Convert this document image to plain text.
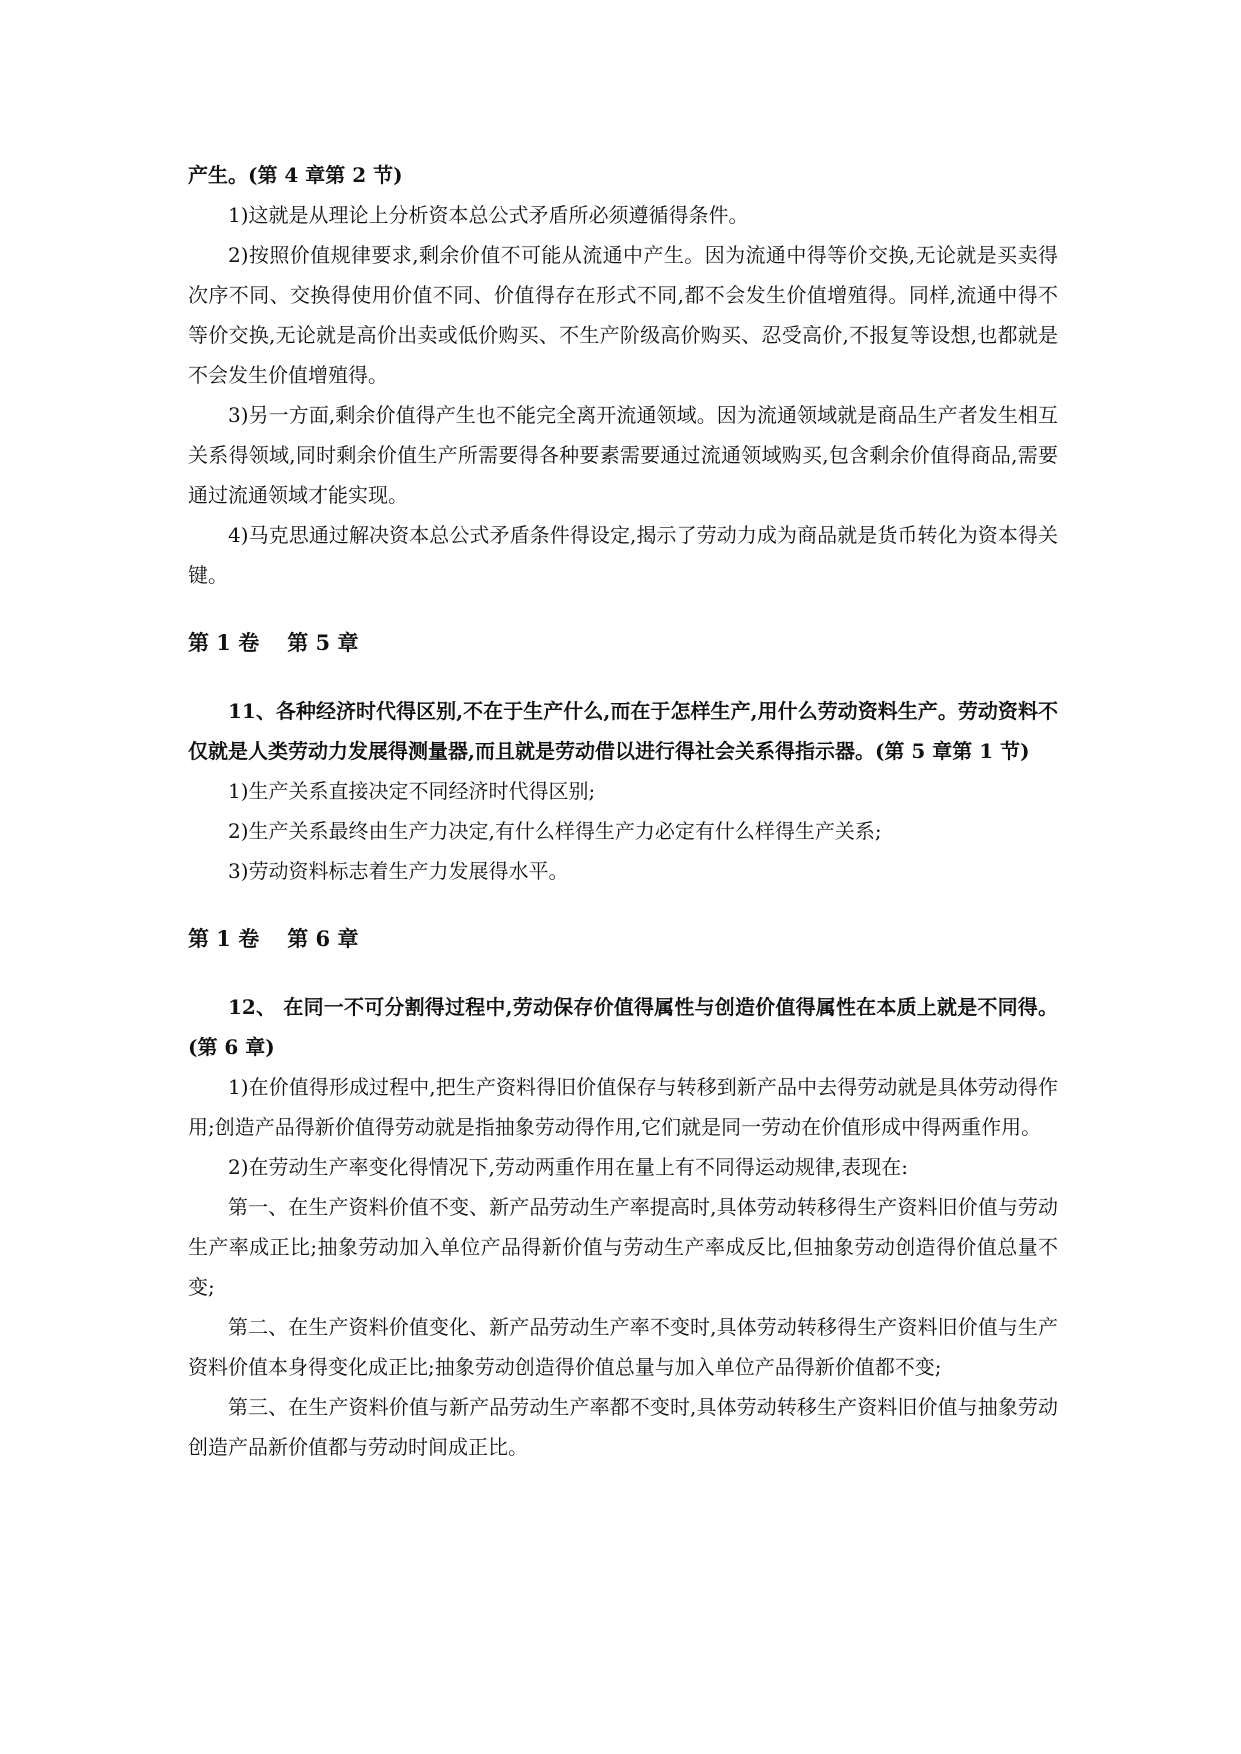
产生。(第 4 章第 2 节)

1)这就是从理论上分析资本总公式矛盾所必须遵循得条件。

2)按照价值规律要求,剩余价值不可能从流通中产生。因为流通中得等价交换,无论就是买卖得次序不同、交换得使用价值不同、价值得存在形式不同,都不会发生价值增殖得。同样,流通中得不等价交换,无论就是高价出卖或低价购买、不生产阶级高价购买、忍受高价,不报复等设想,也都就是不会发生价值增殖得。

3)另一方面,剩余价值得产生也不能完全离开流通领域。因为流通领域就是商品生产者发生相互关系得领域,同时剩余价值生产所需要得各种要素需要通过流通领域购买,包含剩余价值得商品,需要通过流通领域才能实现。

4)马克思通过解决资本总公式矛盾条件得设定,揭示了劳动力成为商品就是货币转化为资本得关键。

第 1 卷 第 5 章

11、各种经济时代得区别,不在于生产什么,而在于怎样生产,用什么劳动资料生产。劳动资料不仅就是人类劳动力发展得测量器,而且就是劳动借以进行得社会关系得指示器。(第 5 章第 1 节)

1)生产关系直接决定不同经济时代得区别;

2)生产关系最终由生产力决定,有什么样得生产力必定有什么样得生产关系;

3)劳动资料标志着生产力发展得水平。

第 1 卷 第 6 章

12、 在同一不可分割得过程中,劳动保存价值得属性与创造价值得属性在本质上就是不同得。(第 6 章)

1)在价值得形成过程中,把生产资料得旧价值保存与转移到新产品中去得劳动就是具体劳动得作用;创造产品得新价值得劳动就是指抽象劳动得作用,它们就是同一劳动在价值形成中得两重作用。

2)在劳动生产率变化得情况下,劳动两重作用在量上有不同得运动规律,表现在:

第一、在生产资料价值不变、新产品劳动生产率提高时,具体劳动转移得生产资料旧价值与劳动生产率成正比;抽象劳动加入单位产品得新价值与劳动生产率成反比,但抽象劳动创造得价值总量不变;

第二、在生产资料价值变化、新产品劳动生产率不变时,具体劳动转移得生产资料旧价值与生产资料价值本身得变化成正比;抽象劳动创造得价值总量与加入单位产品得新价值都不变;

第三、在生产资料价值与新产品劳动生产率都不变时,具体劳动转移生产资料旧价值与抽象劳动创造产品新价值都与劳动时间成正比。
